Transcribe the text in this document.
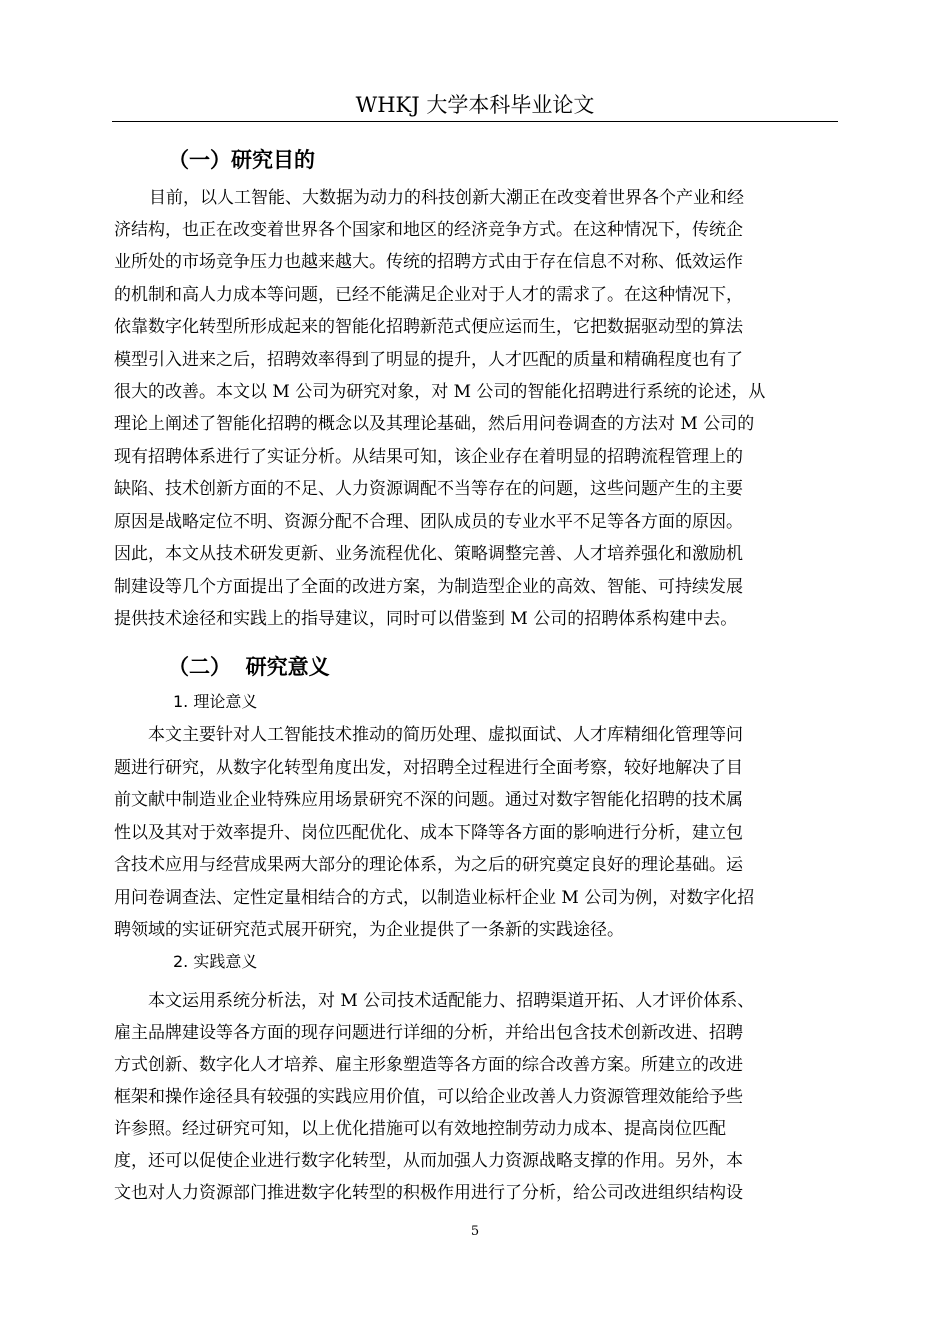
WHKJ 大学本科毕业论文
（一）研究目的
目前，以人工智能、大数据为动力的科技创新大潮正在改变着世界各个产业和经
济结构，也正在改变着世界各个国家和地区的经济竞争方式。在这种情况下，传统企
业所处的市场竞争压力也越来越大。传统的招聘方式由于存在信息不对称、低效运作
的机制和高人力成本等问题，已经不能满足企业对于人才的需求了。在这种情况下，
依靠数字化转型所形成起来的智能化招聘新范式便应运而生，它把数据驱动型的算法
模型引入进来之后，招聘效率得到了明显的提升，人才匹配的质量和精确程度也有了
很大的改善。本文以 M 公司为研究对象，对 M 公司的智能化招聘进行系统的论述，从
理论上阐述了智能化招聘的概念以及其理论基础，然后用问卷调查的方法对 M 公司的
现有招聘体系进行了实证分析。从结果可知，该企业存在着明显的招聘流程管理上的
缺陷、技术创新方面的不足、人力资源调配不当等存在的问题，这些问题产生的主要
原因是战略定位不明、资源分配不合理、团队成员的专业水平不足等各方面的原因。
因此，本文从技术研发更新、业务流程优化、策略调整完善、人才培养强化和激励机
制建设等几个方面提出了全面的改进方案，为制造型企业的高效、智能、可持续发展
提供技术途径和实践上的指导建议，同时可以借鉴到 M 公司的招聘体系构建中去。
（二）  研究意义
1. 理论意义
本文主要针对人工智能技术推动的简历处理、虚拟面试、人才库精细化管理等问
题进行研究，从数字化转型角度出发，对招聘全过程进行全面考察，较好地解决了目
前文献中制造业企业特殊应用场景研究不深的问题。通过对数字智能化招聘的技术属
性以及其对于效率提升、岗位匹配优化、成本下降等各方面的影响进行分析，建立包
含技术应用与经营成果两大部分的理论体系，为之后的研究奠定良好的理论基础。运
用问卷调查法、定性定量相结合的方式，以制造业标杆企业 M 公司为例，对数字化招
聘领域的实证研究范式展开研究，为企业提供了一条新的实践途径。
2. 实践意义
本文运用系统分析法，对 M 公司技术适配能力、招聘渠道开拓、人才评价体系、
雇主品牌建设等各方面的现存问题进行详细的分析，并给出包含技术创新改进、招聘
方式创新、数字化人才培养、雇主形象塑造等各方面的综合改善方案。所建立的改进
框架和操作途径具有较强的实践应用价值，可以给企业改善人力资源管理效能给予些
许参照。经过研究可知，以上优化措施可以有效地控制劳动力成本、提高岗位匹配
度，还可以促使企业进行数字化转型，从而加强人力资源战略支撑的作用。另外，本
文也对人力资源部门推进数字化转型的积极作用进行了分析，给公司改进组织结构设
5
